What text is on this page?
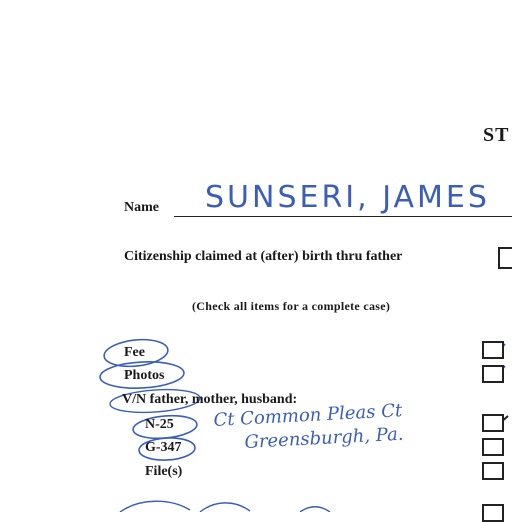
ST
Name SUNSERI, JAMES
Citizenship claimed at (after) birth thru father
(Check all items for a complete case)
Fee
Photos
V/N father, mother, husband:
N-25
G-347
File(s)
Ct Common Pleas Ct
Greensburgh, Pa.
